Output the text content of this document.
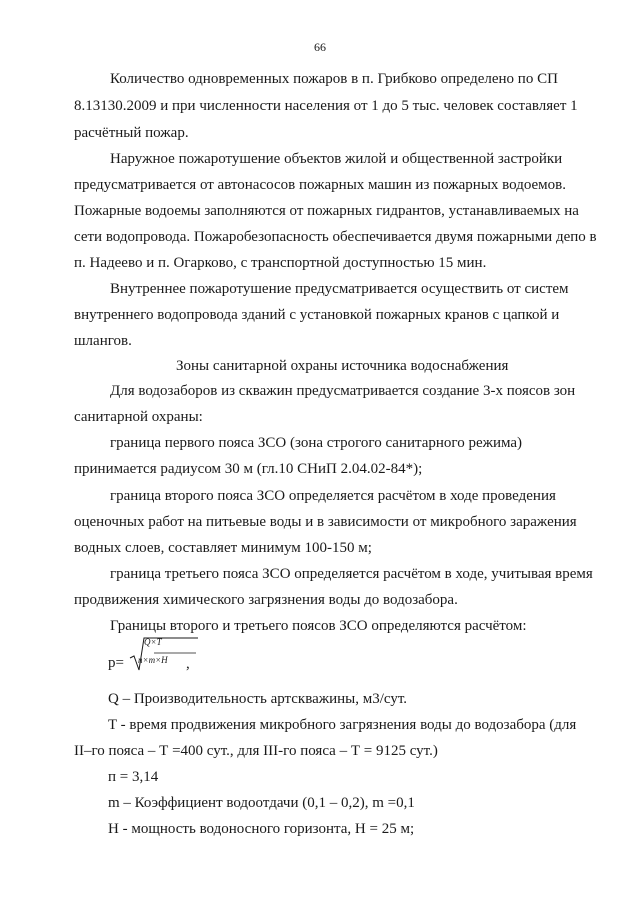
66
Количество одновременных пожаров в п. Грибково определено по СП
8.13130.2009 и при численности населения от 1 до 5 тыс. человек составляет 1
расчётный пожар.
Наружное пожаротушение объектов жилой и общественной застройки
предусматривается от автонасосов пожарных машин из пожарных водоемов.
Пожарные водоемы заполняются от пожарных гидрантов, устанавливаемых на
сети водопровода. Пожаробезопасность обеспечивается двумя пожарными депо в
п. Надеево и п. Огарково, с транспортной доступностью 15 мин.
Внутреннее пожаротушение предусматривается осуществить от систем
внутреннего водопровода зданий с установкой пожарных кранов с цапкой и
шлангов.
Зоны санитарной охраны источника водоснабжения
Для водозаборов из скважин предусматривается создание 3-х поясов зон
санитарной охраны:
граница первого пояса ЗСО (зона строгого санитарного режима)
принимается радиусом 30 м (гл.10 СНиП 2.04.02-84*);
граница второго пояса ЗСО определяется расчётом в ходе проведения
оценочных работ на питьевые воды и в зависимости от микробного заражения
водных слоев, составляет минимум 100-150 м;
граница третьего пояса ЗСО определяется расчётом в ходе, учитывая время
продвижения химического загрязнения воды до водозабора.
Границы второго и третьего поясов ЗСО определяются расчётом:
Q – Производительность артскважины, м3/сут.
T - время продвижения микробного загрязнения воды до водозабора (для
II–го пояса – Т =400 сут., для III-го пояса – Т = 9125 сут.)
п = 3,14
m – Коэффициент водоотдачи (0,1 – 0,2), m =0,1
H - мощность водоносного горизонта, Н = 25 м;
р=
Q×T
п×m×H ,
